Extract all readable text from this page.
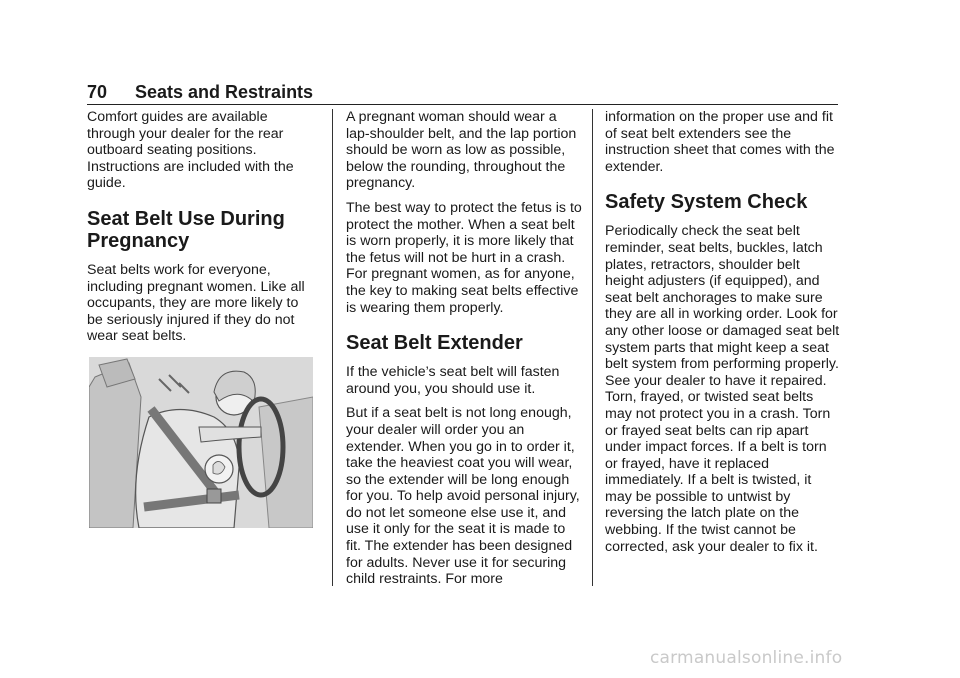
70 Seats and Restraints

Comfort guides are available through your dealer for the rear outboard seating positions. Instructions are included with the guide.

Seat Belt Use During Pregnancy

Seat belts work for everyone, including pregnant women. Like all occupants, they are more likely to be seriously injured if they do not wear seat belts.

A pregnant woman should wear a lap-shoulder belt, and the lap portion should be worn as low as possible, below the rounding, throughout the pregnancy.

The best way to protect the fetus is to protect the mother. When a seat belt is worn properly, it is more likely that the fetus will not be hurt in a crash. For pregnant women, as for anyone, the key to making seat belts effective is wearing them properly.

Seat Belt Extender

If the vehicle’s seat belt will fasten around you, you should use it.

But if a seat belt is not long enough, your dealer will order you an extender. When you go in to order it, take the heaviest coat you will wear, so the extender will be long enough for you. To help avoid personal injury, do not let someone else use it, and use it only for the seat it is made to fit. The extender has been designed for adults. Never use it for securing child restraints. For more

information on the proper use and fit of seat belt extenders see the instruction sheet that comes with the extender.

Safety System Check

Periodically check the seat belt reminder, seat belts, buckles, latch plates, retractors, shoulder belt height adjusters (if equipped), and seat belt anchorages to make sure they are all in working order. Look for any other loose or damaged seat belt system parts that might keep a seat belt system from performing properly. See your dealer to have it repaired. Torn, frayed, or twisted seat belts may not protect you in a crash. Torn or frayed seat belts can rip apart under impact forces. If a belt is torn or frayed, have it replaced immediately. If a belt is twisted, it may be possible to untwist by reversing the latch plate on the webbing. If the twist cannot be corrected, ask your dealer to fix it.

carmanualsonline.info
